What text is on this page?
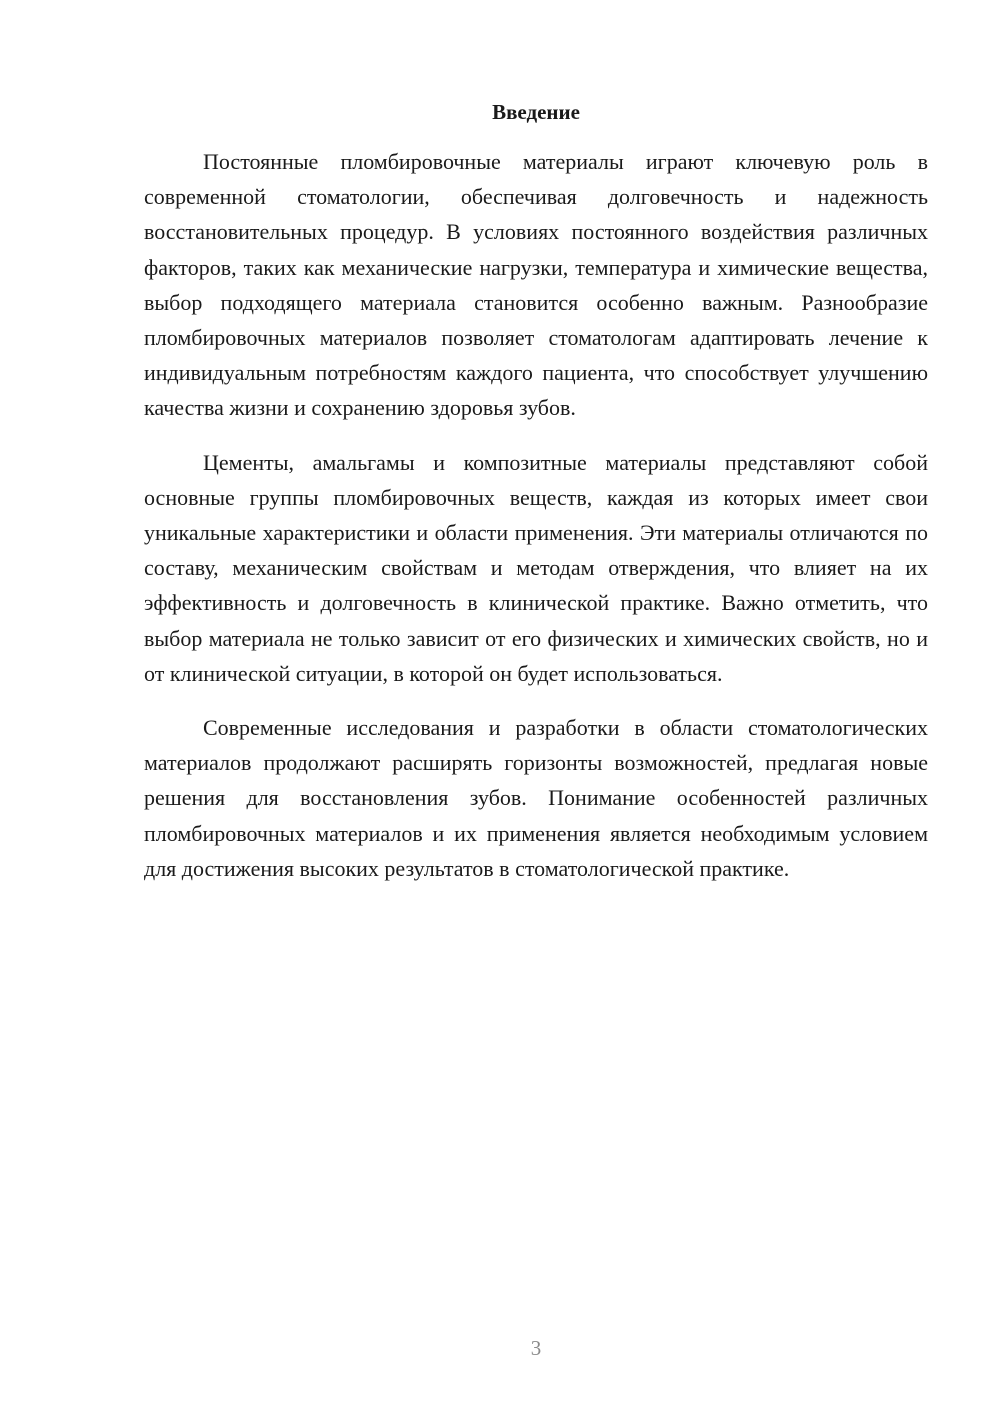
Введение

Постоянные пломбировочные материалы играют ключевую роль в современной стоматологии, обеспечивая долговечность и надежность восстановительных процедур. В условиях постоянного воздействия различных факторов, таких как механические нагрузки, температура и химические вещества, выбор подходящего материала становится особенно важным. Разнообразие пломбировочных материалов позволяет стоматологам адаптировать лечение к индивидуальным потребностям каждого пациента, что способствует улучшению качества жизни и сохранению здоровья зубов.

Цементы, амальгамы и композитные материалы представляют собой основные группы пломбировочных веществ, каждая из которых имеет свои уникальные характеристики и области применения. Эти материалы отличаются по составу, механическим свойствам и методам отверждения, что влияет на их эффективность и долговечность в клинической практике. Важно отметить, что выбор материала не только зависит от его физических и химических свойств, но и от клинической ситуации, в которой он будет использоваться.

Современные исследования и разработки в области стоматологических материалов продолжают расширять горизонты возможностей, предлагая новые решения для восстановления зубов. Понимание особенностей различных пломбировочных материалов и их применения является необходимым условием для достижения высоких результатов в стоматологической практике.

3
